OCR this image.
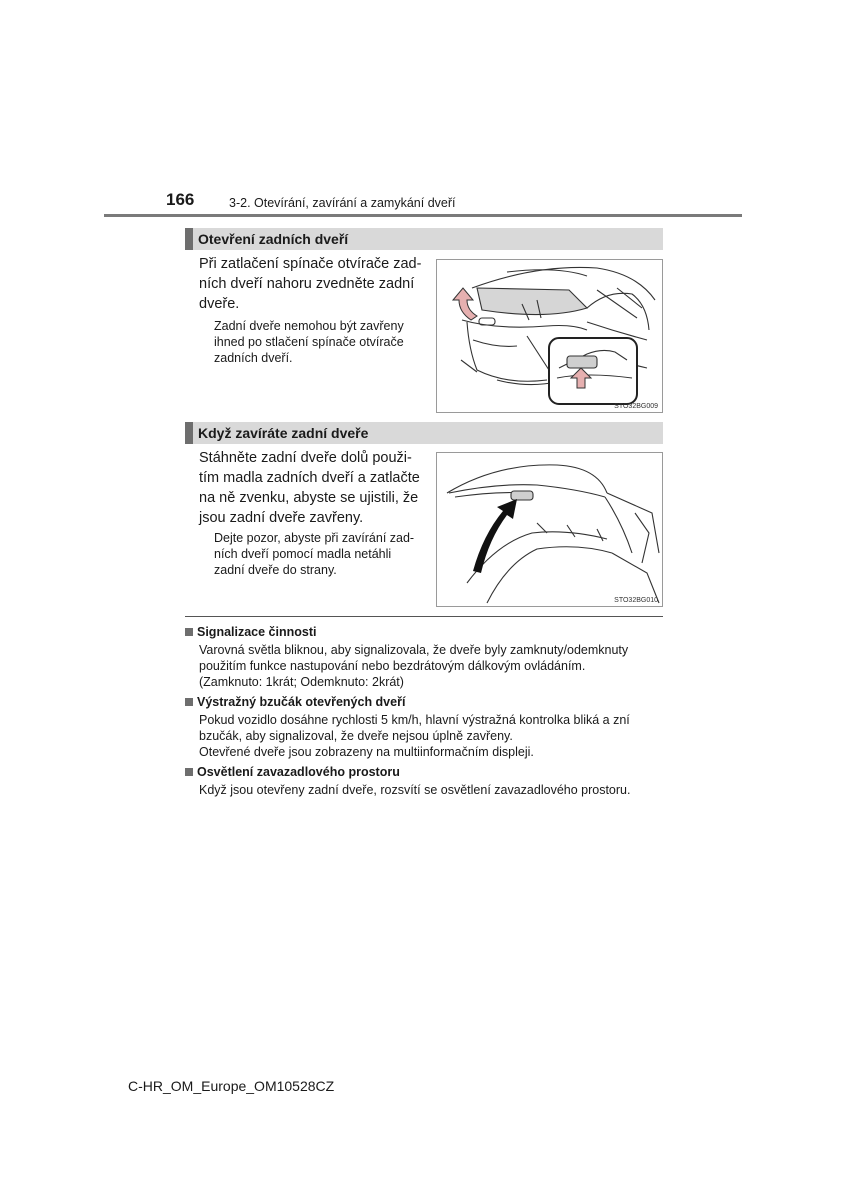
166	3-2. Otevírání, zavírání a zamykání dveří
Otevření zadních dveří
Při zatlačení spínače otvírače zad-
ních dveří nahoru zvedněte zadní
dveře.
Zadní dveře nemohou být zavřeny
ihned po stlačení spínače otvírače
zadních dveří.
STO32BG009
Když zavíráte zadní dveře
Stáhněte zadní dveře dolů použi-
tím madla zadních dveří a zatlačte
na ně zvenku, abyste se ujistili, že
jsou zadní dveře zavřeny.
Dejte pozor, abyste při zavírání zad-
ních dveří pomocí madla netáhli
zadní dveře do strany.
STO32BG010
Signalizace činnosti
Varovná světla bliknou, aby signalizovala, že dveře byly zamknuty/odemknuty
použitím funkce nastupování nebo bezdrátovým dálkovým ovládáním.
(Zamknuto: 1krát; Odemknuto: 2krát)
Výstražný bzučák otevřených dveří
Pokud vozidlo dosáhne rychlosti 5 km/h, hlavní výstražná kontrolka bliká a zní
bzučák, aby signalizoval, že dveře nejsou úplně zavřeny.
Otevřené dveře jsou zobrazeny na multiinformačním displeji.
Osvětlení zavazadlového prostoru
Když jsou otevřeny zadní dveře, rozsvítí se osvětlení zavazadlového prostoru.
C-HR_OM_Europe_OM10528CZ
